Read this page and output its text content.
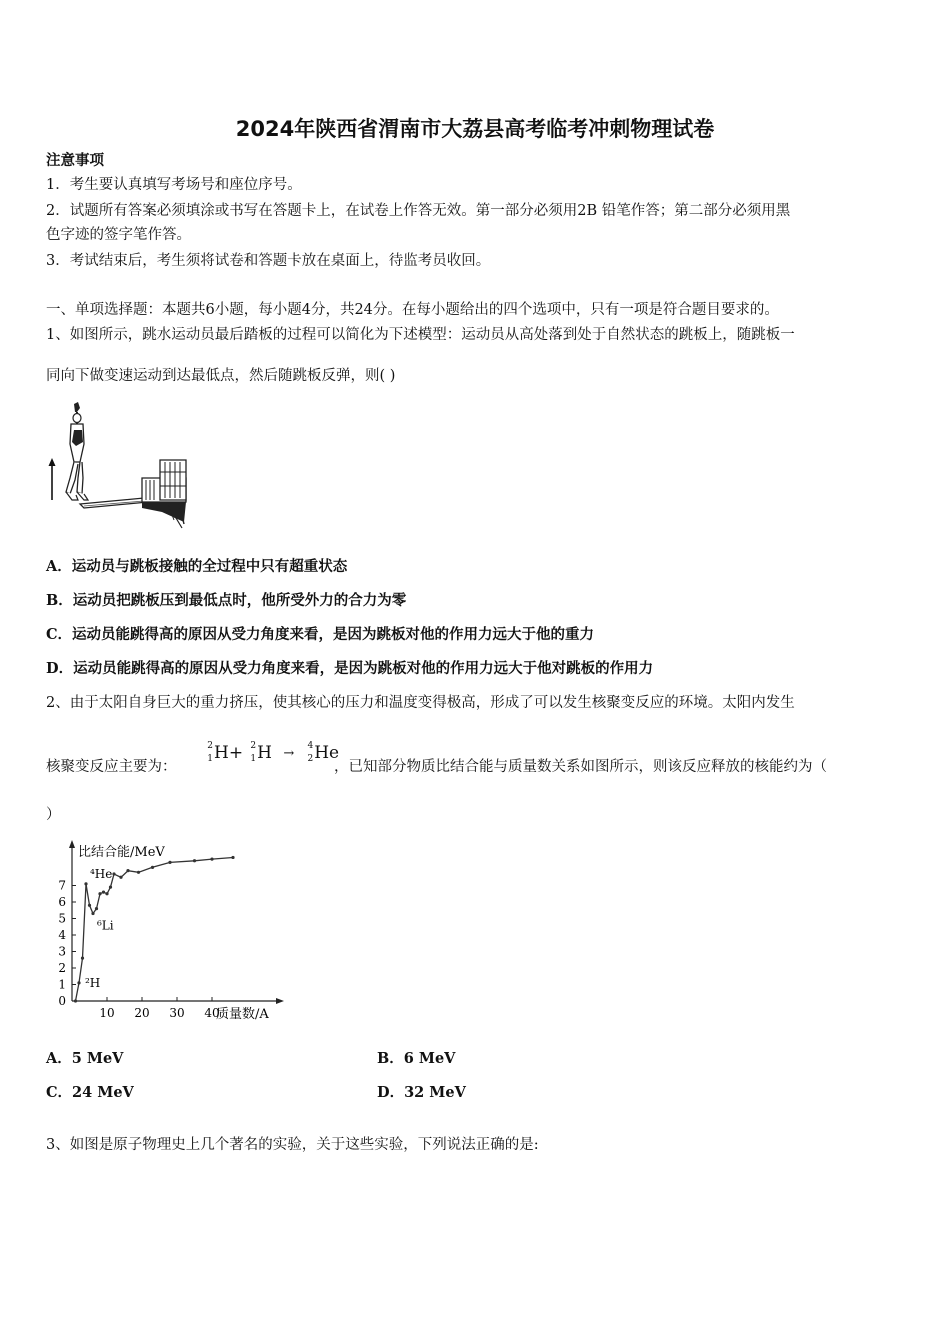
2024年陕西省渭南市大荔县高考临考冲刺物理试卷
注意事项
1．考生要认真填写考场号和座位序号。
2．试题所有答案必须填涂或书写在答题卡上，在试卷上作答无效。第一部分必须用2B 铅笔作答；第二部分必须用黑
色字迹的签字笔作答。
3．考试结束后，考生须将试卷和答题卡放在桌面上，待监考员收回。
一、单项选择题：本题共6小题，每小题4分，共24分。在每小题给出的四个选项中，只有一项是符合题目要求的。
1、如图所示，跳水运动员最后踏板的过程可以简化为下述模型：运动员从高处落到处于自然状态的跳板上，随跳板一
同向下做变速运动到达最低点，然后随跳板反弹，则( )
A．运动员与跳板接触的全过程中只有超重状态
B．运动员把跳板压到最低点时，他所受外力的合力为零
C．运动员能跳得高的原因从受力角度来看，是因为跳板对他的作用力远大于他的重力
D．运动员能跳得高的原因从受力角度来看，是因为跳板对他的作用力远大于他对跳板的作用力
2、由于太阳自身巨大的重力挤压，使其核心的压力和温度变得极高，形成了可以发生核聚变反应的环境。太阳内发生
核聚变反应主要为：
2
1 H+ 2
1 H → 4
2 He
，已知部分物质比结合能与质量数关系如图所示，则该反应释放的核能约为（
）
比结合能/MeV
质量数/A
10 20 30 40
0
1
2
3
4
5
6
7
⁴He
⁶Li
²H
A．5 MeV	B．6 MeV
C．24 MeV	D．32 MeV
3、如图是原子物理史上几个著名的实验，关于这些实验，下列说法正确的是:
